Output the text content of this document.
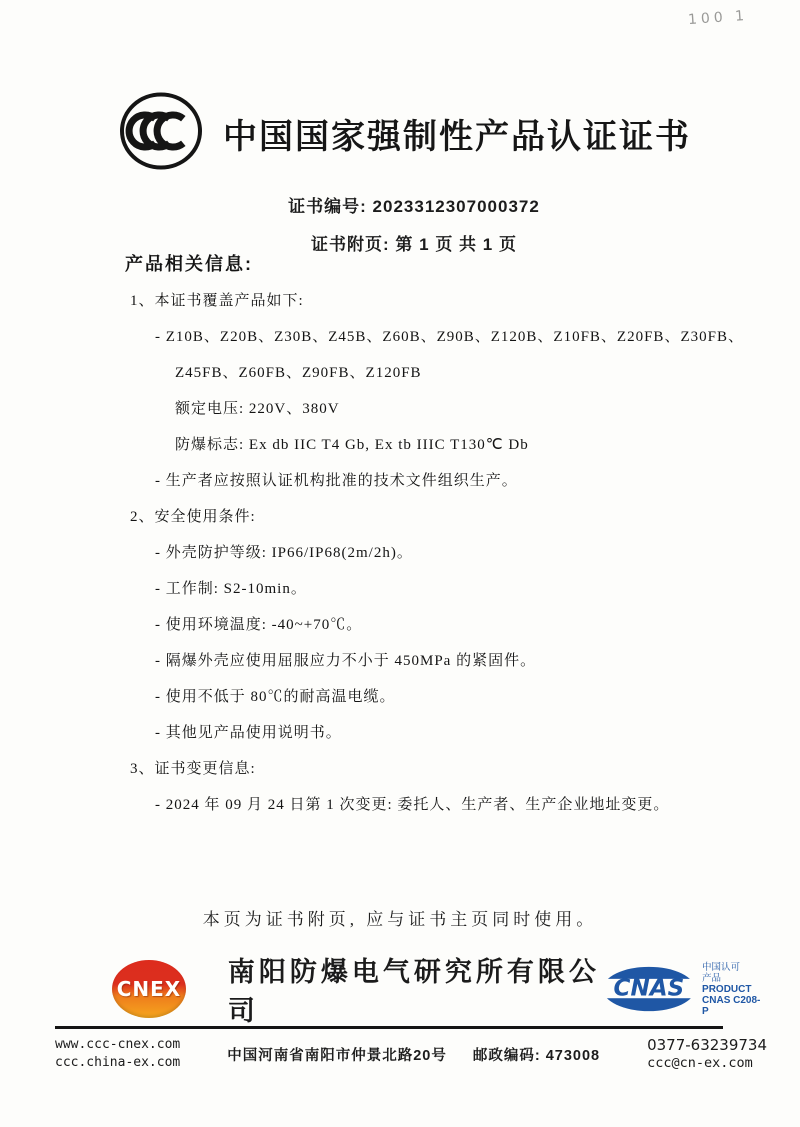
100 1
中国国家强制性产品认证证书
证书编号: 2023312307000372
证书附页: 第 1 页 共 1 页
产品相关信息:
1、本证书覆盖产品如下:
- Z10B、Z20B、Z30B、Z45B、Z60B、Z90B、Z120B、Z10FB、Z20FB、Z30FB、
Z45FB、Z60FB、Z90FB、Z120FB
额定电压: 220V、380V
防爆标志: Ex db IIC T4 Gb, Ex tb IIIC T130℃ Db
- 生产者应按照认证机构批准的技术文件组织生产。
2、安全使用条件:
- 外壳防护等级: IP66/IP68(2m/2h)。
- 工作制: S2-10min。
- 使用环境温度: -40~+70℃。
- 隔爆外壳应使用屈服应力不小于 450MPa 的紧固件。
- 使用不低于 80℃的耐高温电缆。
- 其他见产品使用说明书。
3、证书变更信息:
- 2024 年 09 月 24 日第 1 次变更: 委托人、生产者、生产企业地址变更。
本页为证书附页, 应与证书主页同时使用。
CNEX
南阳防爆电气研究所有限公司
CNAS
中国认可
产品
PRODUCT
CNAS C208-P
www.ccc-cnex.com
ccc.china-ex.com	中国河南省南阳市仲景北路20号 邮政编码: 473008
0377-63239734
ccc@cn-ex.com
